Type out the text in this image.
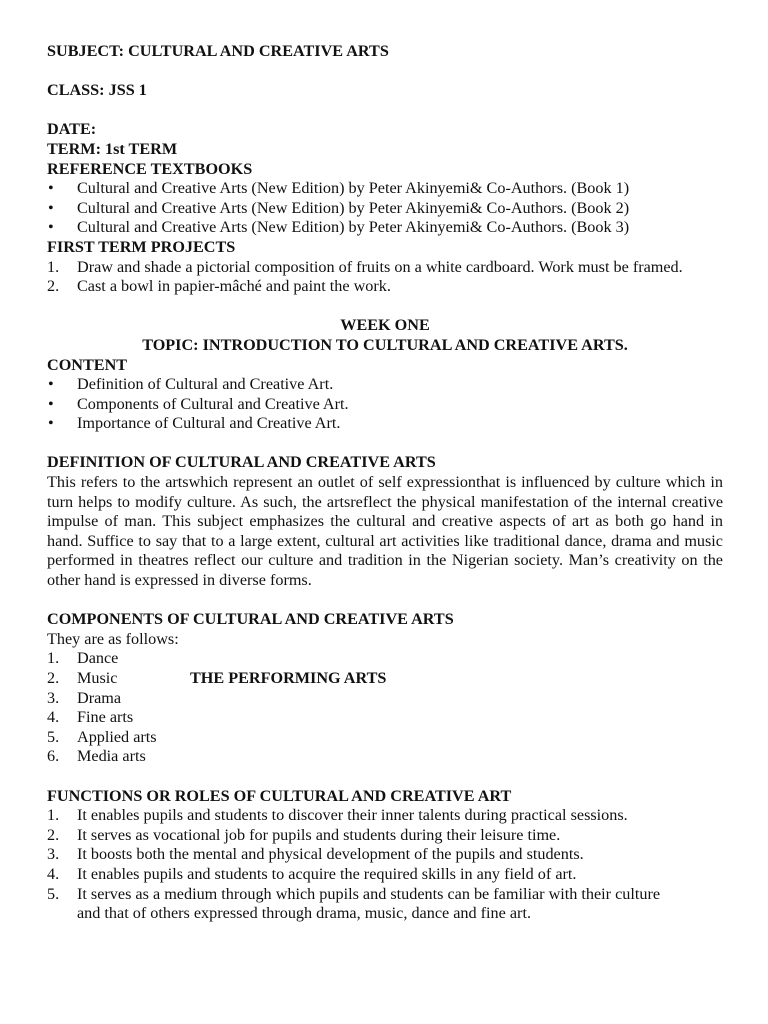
SUBJECT: CULTURAL AND CREATIVE ARTS
CLASS: JSS 1
DATE:
TERM: 1st TERM
REFERENCE TEXTBOOKS
•	Cultural and Creative Arts (New Edition) by Peter Akinyemi& Co-Authors. (Book 1)
•	Cultural and Creative Arts (New Edition) by Peter Akinyemi& Co-Authors. (Book 2)
•	Cultural and Creative Arts (New Edition) by Peter Akinyemi& Co-Authors. (Book 3)
FIRST TERM PROJECTS
1.	Draw and shade a pictorial composition of fruits on a white cardboard. Work must be framed.
2.	Cast a bowl in papier-mâché and paint the work.
WEEK ONE
TOPIC: INTRODUCTION TO CULTURAL AND CREATIVE ARTS.
CONTENT
•	Definition of Cultural and Creative Art.
•	Components of Cultural and Creative Art.
•	Importance of Cultural and Creative Art.
DEFINITION OF CULTURAL AND CREATIVE ARTS
This refers to the artswhich represent an outlet of self expressionthat is influenced by culture which in turn helps to modify culture. As such, the artsreflect the physical manifestation of the internal creative impulse of man. This subject emphasizes the cultural and creative aspects of art as both go hand in hand. Suffice to say that to a large extent, cultural art activities like traditional dance, drama and music performed in theatres reflect our culture and tradition in the Nigerian society. Man’s creativity on the other hand is expressed in diverse forms.
COMPONENTS OF CULTURAL AND CREATIVE ARTS
They are as follows:
1.	Dance
2.	Music	THE PERFORMING ARTS
3.	Drama
4.	Fine arts
5.	Applied arts
6.	Media arts
FUNCTIONS OR ROLES OF CULTURAL AND CREATIVE ART
1.	It enables pupils and students to discover their inner talents during practical sessions.
2.	It serves as vocational job for pupils and students during their leisure time.
3.	It boosts both the mental and physical development of the pupils and students.
4.	It enables pupils and students to acquire the required skills in any field of art.
5.	It serves as a medium through which pupils and students can be familiar with their culture and that of others expressed through drama, music, dance and fine art.
